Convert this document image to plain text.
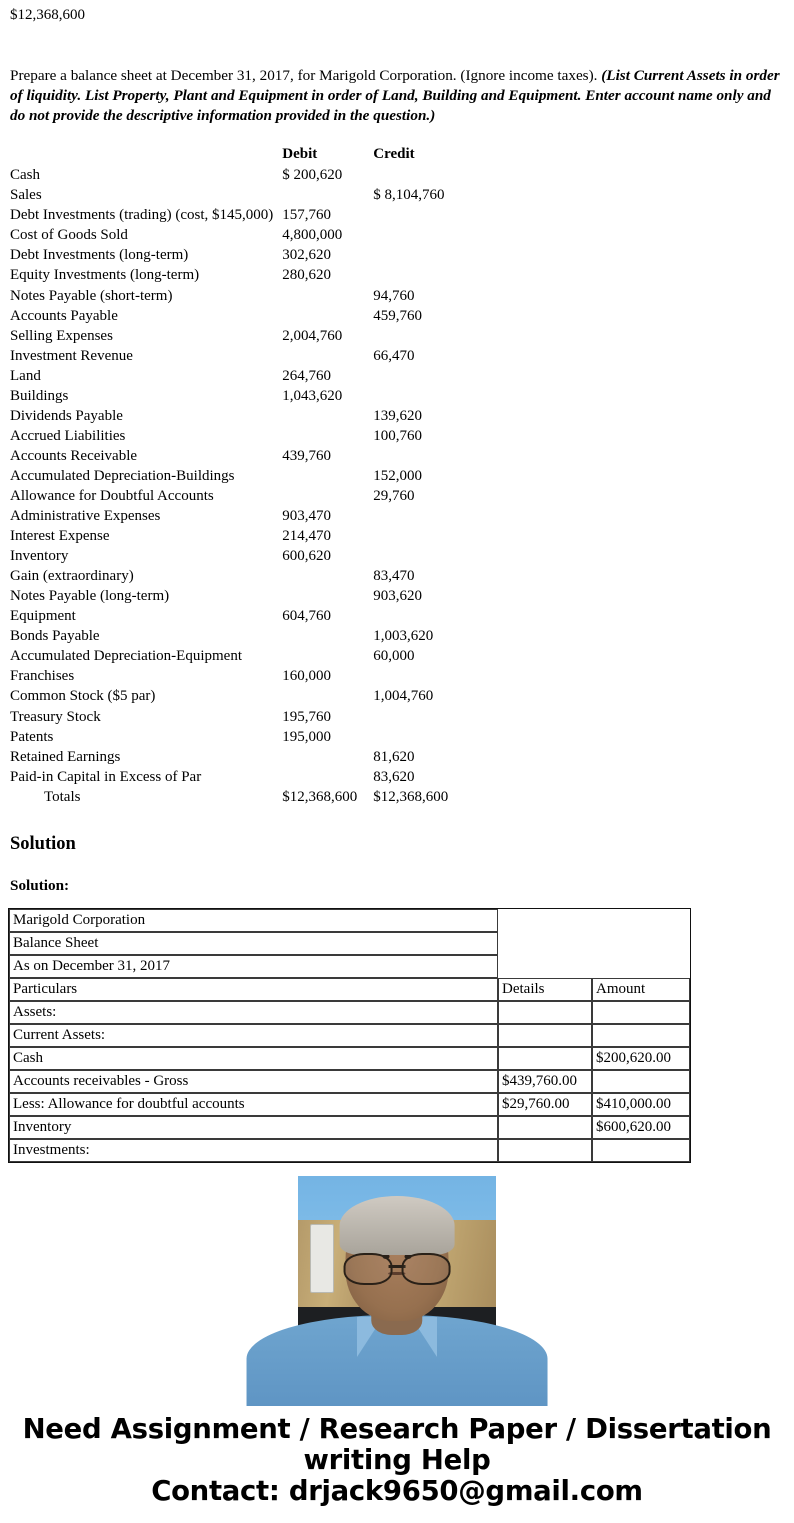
$12,368,600
Prepare a balance sheet at December 31, 2017, for Marigold Corporation. (Ignore income taxes). (List Current Assets in order of liquidity. List Property, Plant and Equipment in order of Land, Building and Equipment. Enter account name only and do not provide the descriptive information provided in the question.)
	Debit	Credit
Cash	$ 200,620	
Sales		$ 8,104,760
Debt Investments (trading) (cost, $145,000)	157,760	
Cost of Goods Sold	4,800,000	
Debt Investments (long-term)	302,620	
Equity Investments (long-term)	280,620	
Notes Payable (short-term)		94,760
Accounts Payable		459,760
Selling Expenses	2,004,760	
Investment Revenue		66,470
Land	264,760	
Buildings	1,043,620	
Dividends Payable		139,620
Accrued Liabilities		100,760
Accounts Receivable	439,760	
Accumulated Depreciation-Buildings		152,000
Allowance for Doubtful Accounts		29,760
Administrative Expenses	903,470	
Interest Expense	214,470	
Inventory	600,620	
Gain (extraordinary)		83,470
Notes Payable (long-term)		903,620
Equipment	604,760	
Bonds Payable		1,003,620
Accumulated Depreciation-Equipment		60,000
Franchises	160,000	
Common Stock ($5 par)		1,004,760
Treasury Stock	195,760	
Patents	195,000	
Retained Earnings		81,620
Paid-in Capital in Excess of Par		83,620
Totals	$12,368,600	$12,368,600
Solution

Solution:

Marigold Corporation		
Balance Sheet		
As on December 31, 2017		
Particulars	Details	Amount
Assets:		
Current Assets:		
Cash		$200,620.00
Accounts receivables - Gross	$439,760.00	
Less: Allowance for doubtful accounts	$29,760.00	$410,000.00
Inventory		$600,620.00
Investments:		
Need Assignment / Research Paper / Dissertation
writing Help
Contact: drjack9650@gmail.com
